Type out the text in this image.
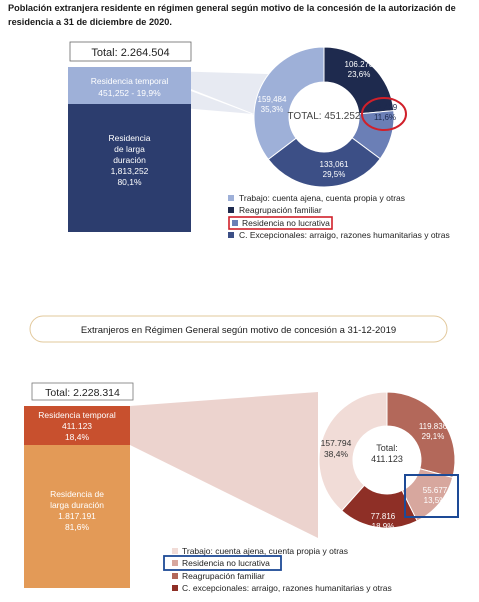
Población extranjera residente en régimen general según motivo de la concesión de la autorización de residencia a 31 de diciembre de 2020.
Total: 2.264.504
Residencia temporal
451,252 - 19,9%
Residencia
de larga
duración
1,813,252
80,1%
TOTAL: 451.252
106.278
23,6%
52,429
11,6%
133,061
29,5%
159,484
35,3%
Trabajo: cuenta ajena, cuenta propia y otras
Reagrupación familiar
Residencia no lucrativa
C. Excepcionales: arraigo, razones humanitarias y otras
Extranjeros en Régimen General según motivo de concesión a 31-12-2019
Total: 2.228.314
Residencia temporal
411.123
18,4%
Residencia de
larga duración
1.817.191
81,6%
Total:
411.123
119.836
29,1%
55.677
13,5%
77.816
18,9%
157.794
38,4%
Trabajo: cuenta ajena, cuenta propia y otras
Residencia no lucrativa
Reagrupación familiar
C. excepcionales: arraigo, razones humanitarias y otras
